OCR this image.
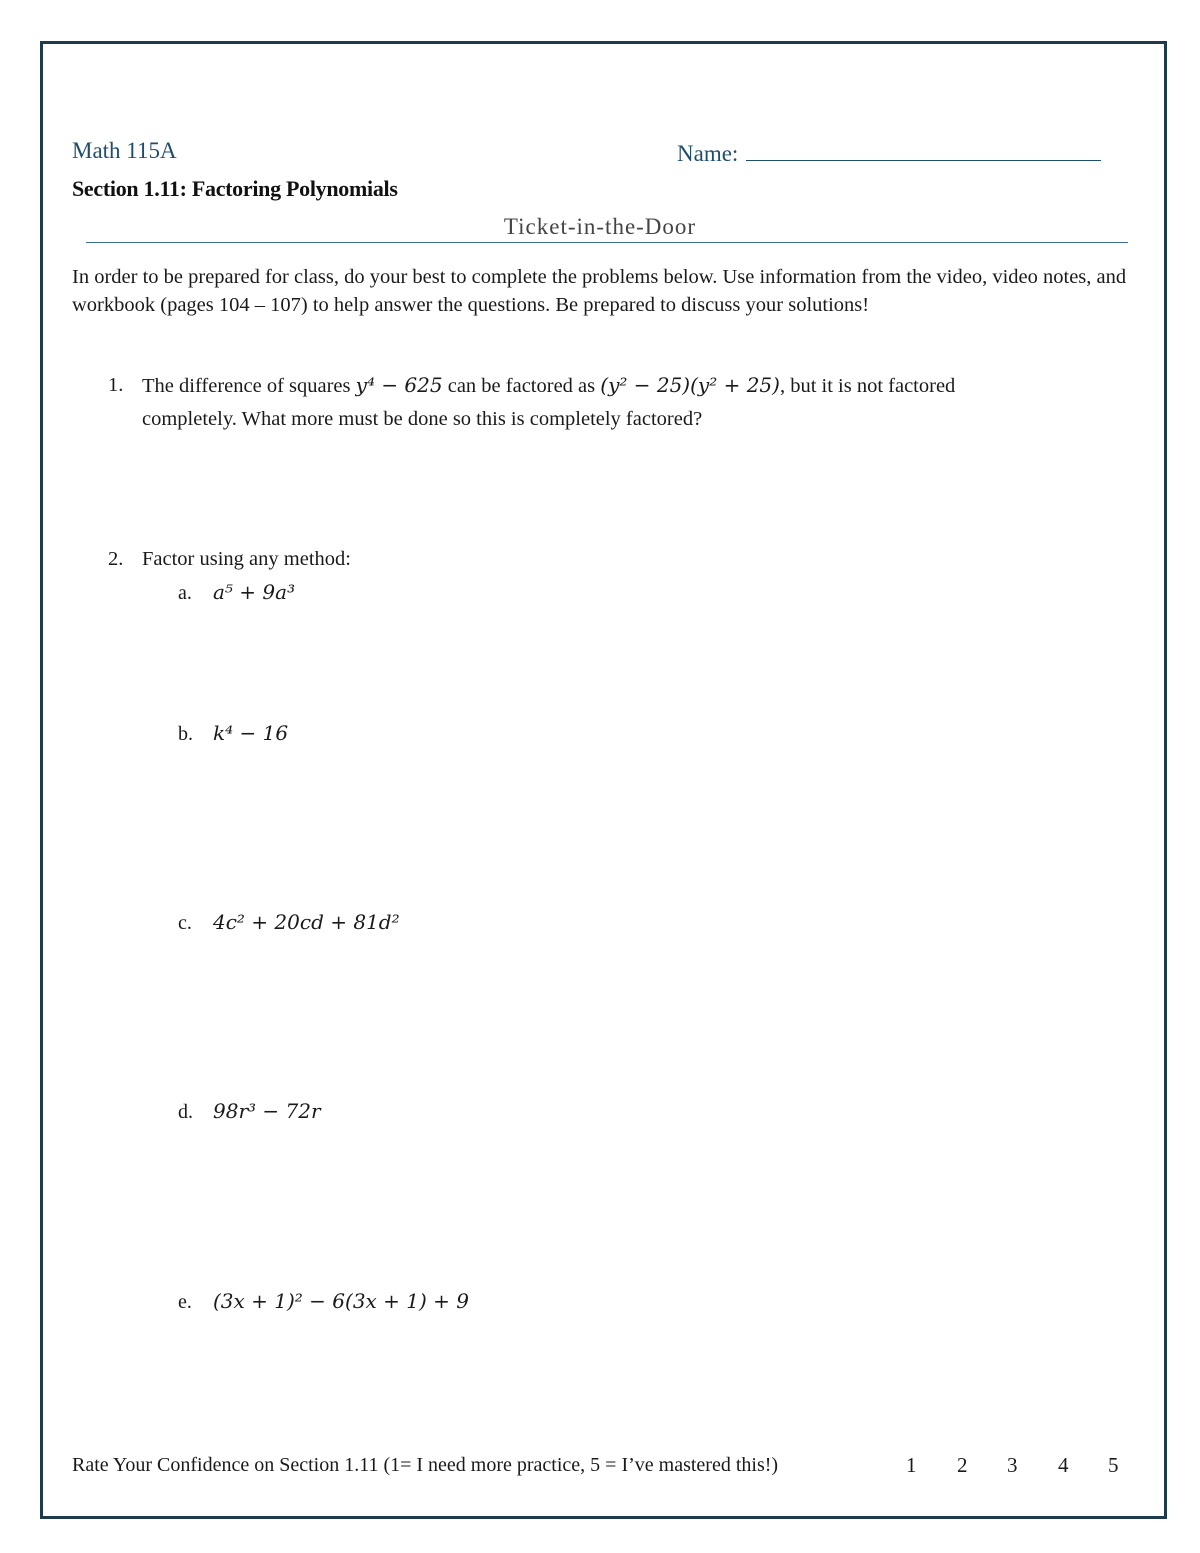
Math 115A	Name:
Section 1.11: Factoring Polynomials
Ticket-in-the-Door
In order to be prepared for class, do your best to complete the problems below. Use information from the video, video notes, and workbook (pages 104 – 107) to help answer the questions. Be prepared to discuss your solutions!
1. The difference of squares y⁴ − 625 can be factored as (y² − 25)(y² + 25), but it is not factored
completely. What more must be done so this is completely factored?
2. Factor using any method:
a. a⁵ + 9a³
b. k⁴ − 16
c. 4c² + 20cd + 81d²
d. 98r³ − 72r
e. (3x + 1)² − 6(3x + 1) + 9
Rate Your Confidence on Section 1.11 (1= I need more practice, 5 = I’ve mastered this!)	1 2 3 4 5
